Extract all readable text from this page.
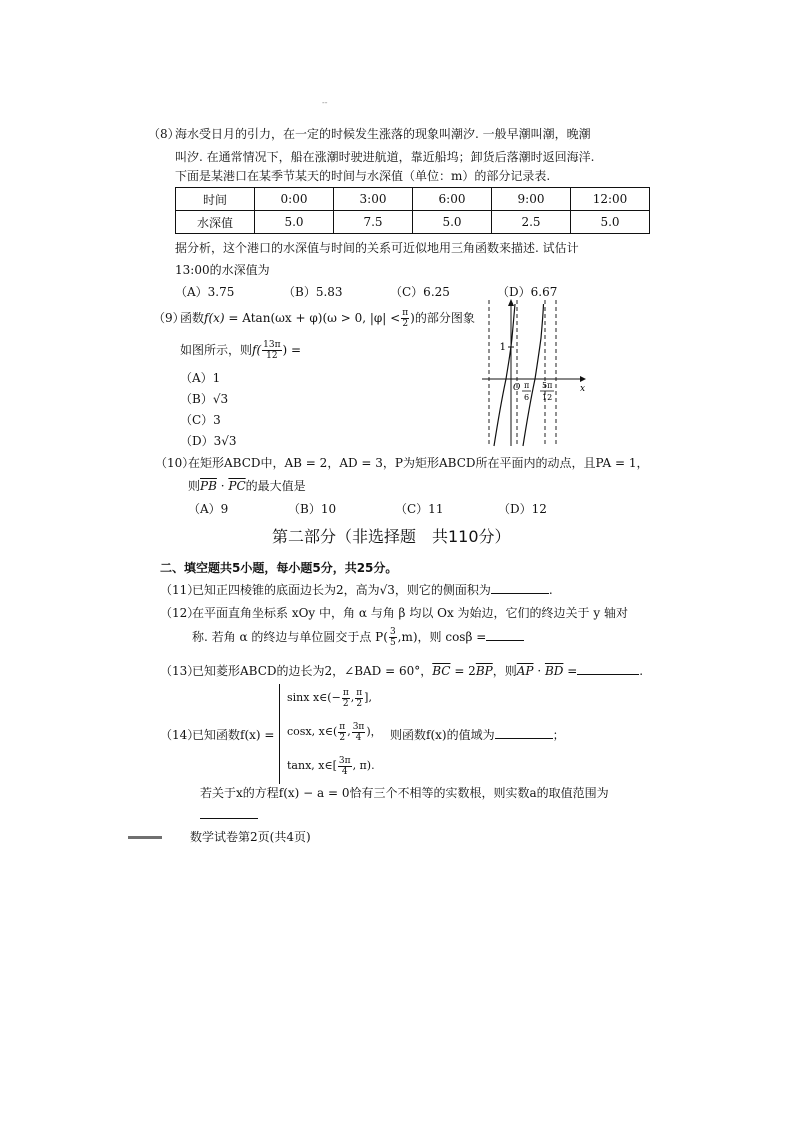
--
（8）
海水受日月的引力，在一定的时候发生涨落的现象叫潮汐. 一般早潮叫潮，晚潮
叫汐. 在通常情况下，船在涨潮时驶进航道，靠近船坞；卸货后落潮时返回海洋.
下面是某港口在某季节某天的时间与水深值（单位：m）的部分记录表.
时间	0:00	3:00	6:00	9:00	12:00
水深值	5.0	7.5	5.0	2.5	5.0
据分析，这个港口的水深值与时间的关系可近似地用三角函数来描述. 试估计
13:00的水深值为
（A）3.75	（B）5.83	（C）6.25	（D）6.67
（9）
函数f(x) = Atan(ωx + φ)(ω > 0, $|\varphi| < \frac{\pi}{2}$ )的部分图象
如图所示，则$f( \frac{13\pi}{12}$ ) =
（A）1
（B）√3
（C）3
（D）3√3
1
O	x
π
6
5π
12
（10）
在矩形ABCD中，AB = 2，AD = 3，P为矩形ABCD所在平面内的动点，且PA = 1，
则$\overline{PB} \cdot \overline{PC}$的最大值是
（A）9	（B）10	（C）11	（D）12
第二部分（非选择题　共110分）
二、填空题共5小题，每小题5分，共25分。
（11）
已知正四棱锥的底面边长为2，高为√3，则它的侧面积为	.
（12）
在平面直角坐标系 xOy 中，角 α 与角 β 均以 Ox 为始边，它们的终边关于 y 轴对
称. 若角 α 的终边与单位圆交于点 $P( \frac{3}{5} ,m)$，则 cosβ =
（13）
已知菱形ABCD的边长为2，∠BAD = 60°，$\overline{BC} = 2\overline{BP}$，则$\overline{AP} \cdot \overline{BD}$ =	.
（14）
已知函数f(x) =
sinx x∈(− $\frac{\pi}{2}$ , $\frac{\pi}{2}$ ],
cosx, x∈( $\frac{\pi}{2}$ , $\frac{3\pi}{4}$ )， 则函数f(x)的值域为	；
tanx, x∈[ $\frac{3\pi}{4}$ , π).
若关于x的方程f(x) − a = 0恰有三个不相等的实数根，则实数a的取值范围为
数学试卷第2页(共4页)
